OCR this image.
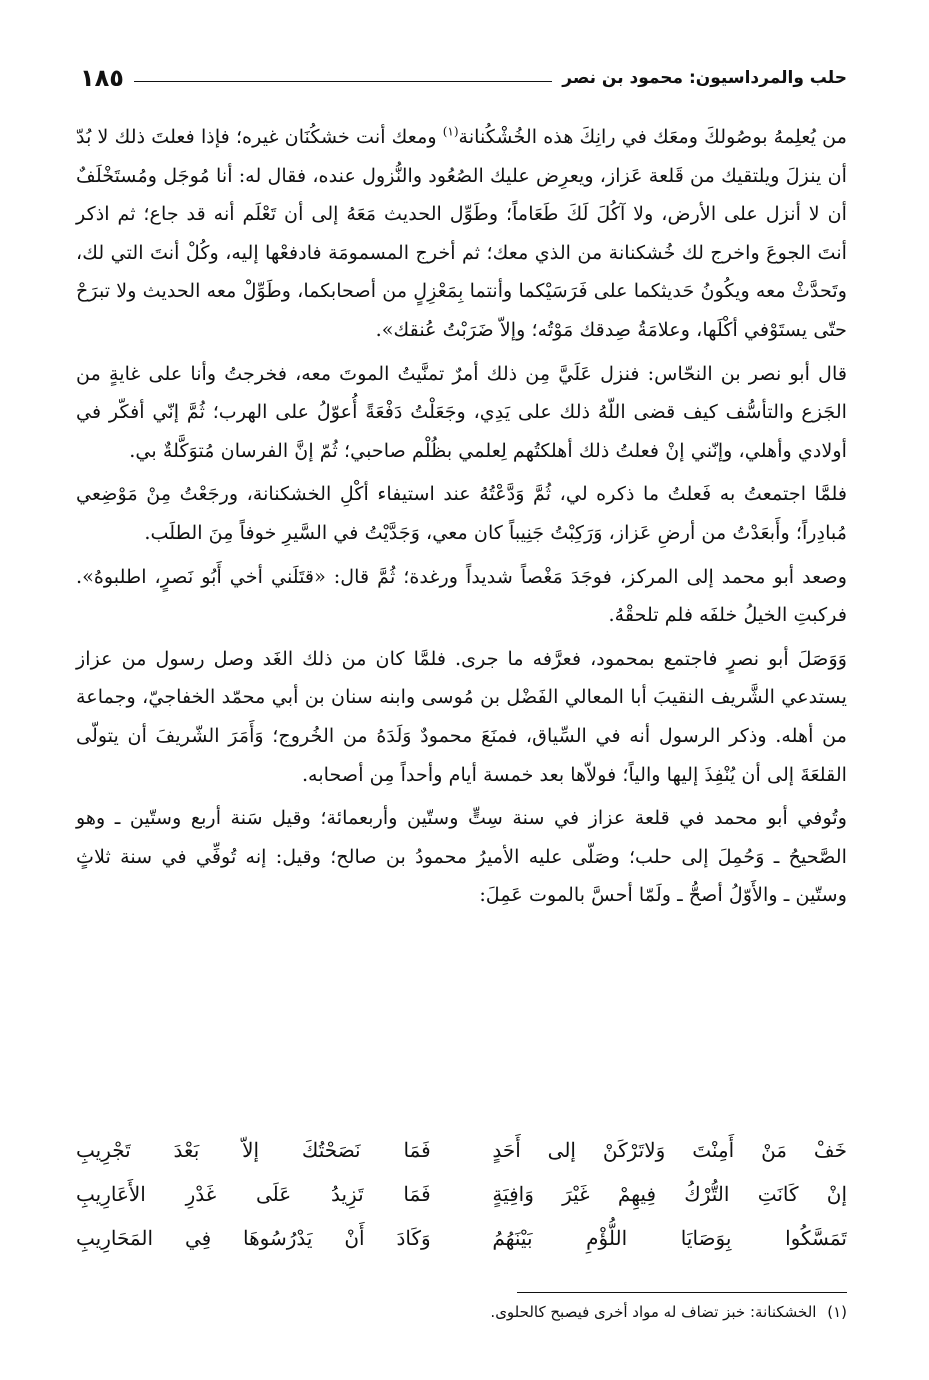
حلب والمرداسيون: محمود بن نصر
١٨٥

من يُعلِمهُ بوصُولكَ ومعَك في رانِكَ هذه الخُشْكُنانة$^{(١)}$ ومعك أنت خشكُنَان غيره؛ فإذا فعلتَ ذلك لا بُدّ أن ينزلَ ويلتقيك من قَلعة عَزاز، ويعرِض عليك الصُعُود والنُّزول عنده، فقال له: أنا مُوجَل ومُستَخْلَفٌ أن لا أنزل على الأرض، ولا آكُلَ لَكَ طَعَاماً؛ وطَوِّل الحديث مَعَهُ إلى أن تَعْلَم أنه قد جاع؛ ثم اذكر أنتَ الجوعَ واخرج لك خُشكنانة من الذي معك؛ ثم أخرج المسمومَة فادفعْها إليه، وكُلْ أنتَ التي لك، وتَحدَّثْ معه ويكُونُ حَديثكما على فَرَسَيْكما وأنتما بِمَعْزِلٍ من أصحابكما، وطَوِّلْ معه الحديث ولا تبرَحْ حتّى يستَوْفي أكْلَها، وعلامَةُ صِدقك مَوْتُه؛ وإلاّ ضَرَبْتُ عُنقك».

قال أبو نصر بن النحّاس: فنزل عَلَيَّ مِن ذلك أمرٌ تمنَّيتُ الموتَ معه، فخرجتُ وأنا على غايةٍ من الجَزع والتأسُّف كيف قضى اللّهُ ذلك على يَدِي، وجَعَلْتُ دَفْعَةً أُعوّلُ على الهرب؛ ثُمَّ إنّي أفكّر في أولادي وأهلي، وإنّني إنْ فعلتُ ذلك أهلكتُهم لِعلمي بظُلْم صاحبي؛ ثُمّ إنَّ الفرسان مُتوَكَّلةٌ بي.

فلمَّا اجتمعتُ به فَعلتُ ما ذكره لي، ثُمَّ وَدَّعْتُهُ عند استيفاء أكْلِ الخشكنانة، ورجَعْتُ مِنْ مَوْضِعي مُبادِراً؛ وأَبعَدْتُ من أرضِ عَزاز، وَرَكِبْتُ جَنِيباً كان معي، وَجَدَّيْتُ في السَّيرِ خوفاً مِنَ الطلَب.

وصعد أبو محمد إلى المركز، فوجَدَ مَغْصاً شديداً ورغدة؛ ثُمَّ قال: «قتَلَني أخي أَبُو نَصرٍ، اطلبوهُ». فركبتِ الخيلُ خلفَه فلم تلحقْهُ.

وَوَصَلَ أبو نصرٍ فاجتمع بمحمود، فعرَّفه ما جرى. فلمَّا كان من ذلك الغَد وصل رسول من عزاز يستدعي الشَّريف النقيبَ أبا المعالي الفَضْل بن مُوسى وابنه سنان بن أبي محمّد الخفاجيّ، وجماعة من أهله. وذكر الرسول أنه في السِّياق، فمنَعَ محمودٌ وَلَدَهُ من الخُروج؛ وَأَمَرَ الشّريفَ أن يتولّى القلعَةَ إلى أن يُنْفِذَ إليها والياً؛ فولاّها بعد خمسة أيام وأحداً مِن أصحابه.

وتُوفي أبو محمد في قلعة عزاز في سنة سِتٍّ وستّين وأربعمائة؛ وقيل سَنة أربع وستّين ـ وهو الصَّحيحُ ـ وَحُمِلَ إلى حلب؛ وصَلّى عليه الأميرُ محمودُ بن صالح؛ وقيل: إنه تُوفِّي في سنة ثلاثٍ وستّين ـ والأَوّلُ أصحُّ ـ ولَمّا أحسَّ بالموت عَمِلَ:

خَفْ مَنْ أَمِنْتَ وَلاتَرْكَنْ إلى أَحَدٍ
فَمَا نَصَحْتُكَ إلاّ بَعْدَ تَجْرِيبِ
إنْ كَانَتِ التُّرْكُ فِيهِمْ غَيْرَ وَافِيَةٍ
فَمَا تَزِيدُ عَلَى غَدْرِ الأَعَارِيبِ
تَمَسَّكُوا بِوَصَايَا اللُّؤْمِ بَيْنَهُمُ
وَكَادَ أَنْ يَدْرُسُوهَا فِي المَحَارِيبِ
(١) الخشكنانة: خبز تضاف له مواد أخرى فيصبح كالحلوى.
